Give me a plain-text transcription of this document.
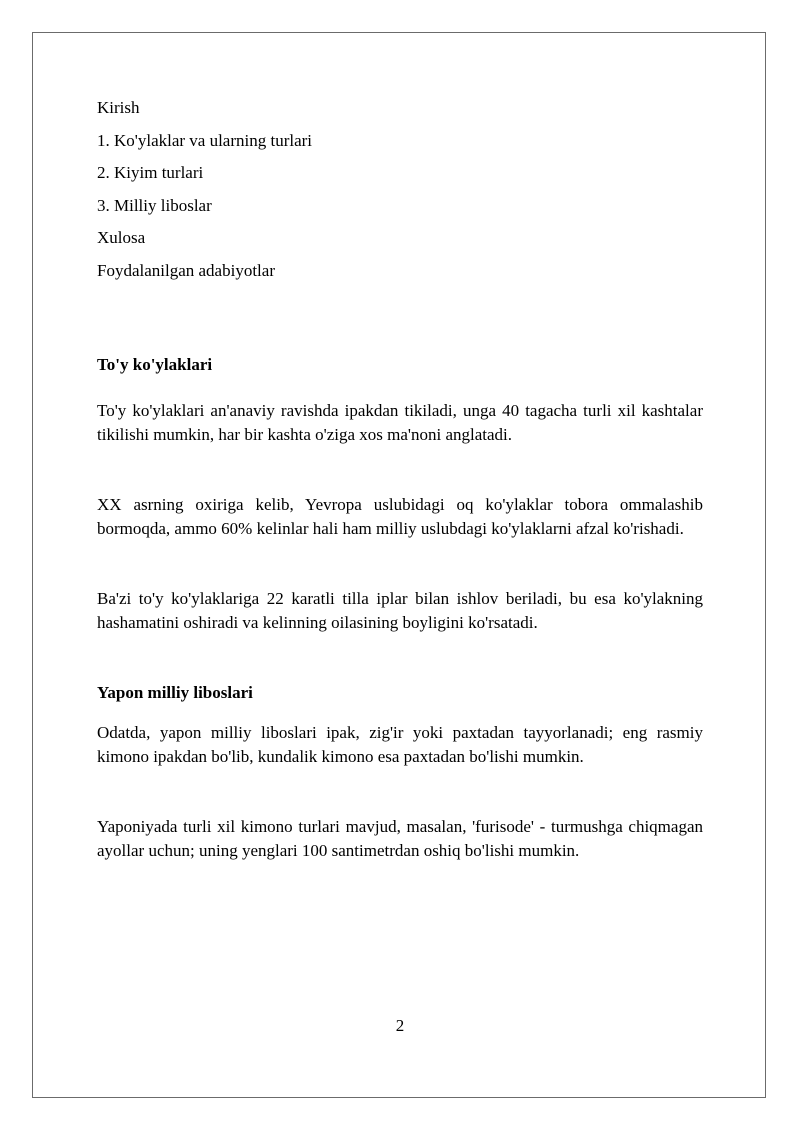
Kirish
1. Ko'ylaklar va ularning turlari
2. Kiyim turlari
3. Milliy liboslar
Xulosa
Foydalanilgan adabiyotlar
To'y ko'ylaklari
To'y ko'ylaklari an'anaviy ravishda ipakdan tikiladi, unga 40 tagacha turli xil kashtalar tikilishi mumkin, har bir kashta o'ziga xos ma'noni anglatadi.
XX asrning oxiriga kelib, Yevropa uslubidagi oq ko'ylaklar tobora ommalashib bormoqda, ammo 60% kelinlar hali ham milliy uslubdagi ko'ylaklarni afzal ko'rishadi.
Ba'zi to'y ko'ylaklariga 22 karatli tilla iplar bilan ishlov beriladi, bu esa ko'ylakning hashamatini oshiradi va kelinning oilasining boyligini ko'rsatadi.
Yapon milliy liboslari
Odatda, yapon milliy liboslari ipak, zig'ir yoki paxtadan tayyorlanadi; eng rasmiy kimono ipakdan bo'lib, kundalik kimono esa paxtadan bo'lishi mumkin.
Yaponiyada turli xil kimono turlari mavjud, masalan, 'furisode' - turmushga chiqmagan ayollar uchun; uning yenglari 100 santimetrdan oshiq bo'lishi mumkin.
2
